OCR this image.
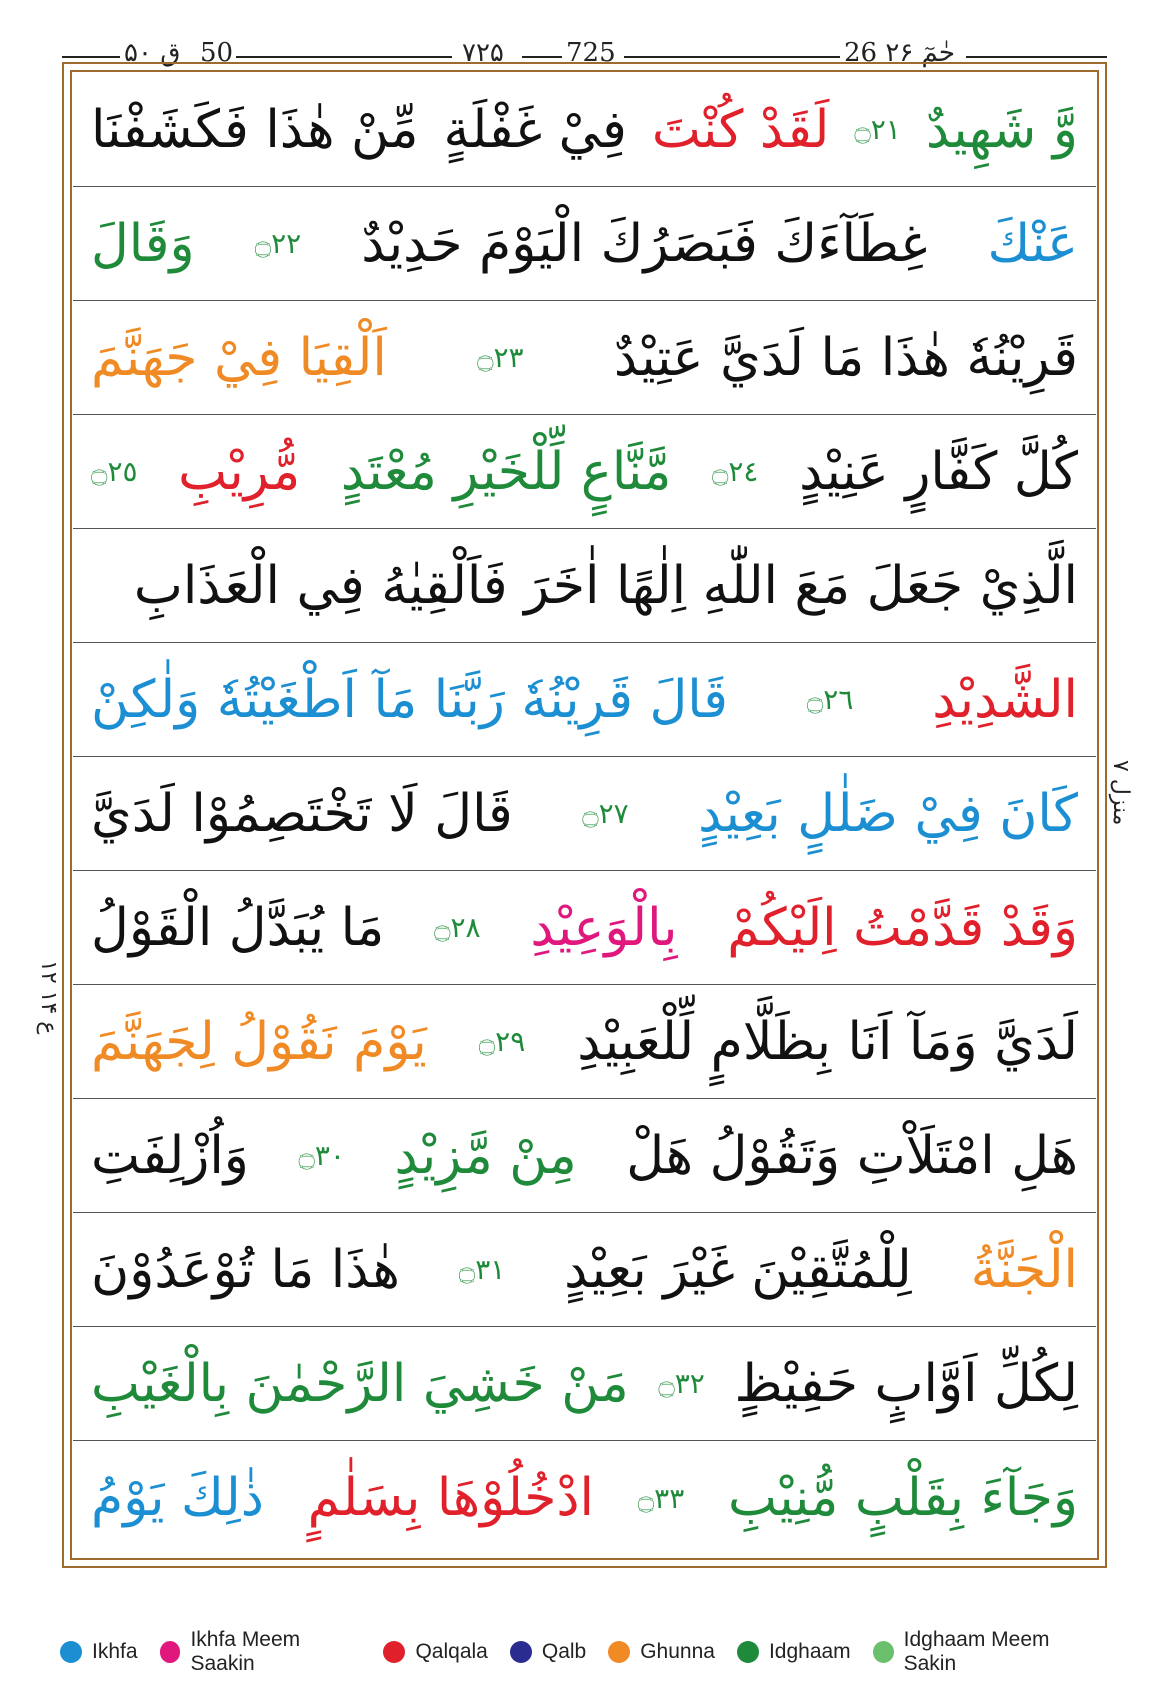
ق ۵۰ 50	۷۲۵ 725	26 حٰمٓ ۲۶
وَّ شَهِيدٌ
۝٢١
لَقَدْ كُنْتَ
فِيْ غَفْلَةٍ
مِّنْ هٰذَا فَكَشَفْنَا
عَنْكَ
غِطَآءَكَ فَبَصَرُكَ الْيَوْمَ حَدِيْدٌ
۝٢٢
وَقَالَ
قَرِيْنُهٗ هٰذَا مَا لَدَيَّ عَتِيْدٌ
۝٢٣
اَلْقِيَا فِيْ جَهَنَّمَ
كُلَّ كَفَّارٍ عَنِيْدٍ
۝٢٤
مَّنَّاعٍ لِّلْخَيْرِ مُعْتَدٍ
مُّرِيْبِ
۝٢٥
الَّذِيْ جَعَلَ مَعَ اللّٰهِ اِلٰهًا اٰخَرَ فَاَلْقِيٰهُ فِي الْعَذَابِ
الشَّدِيْدِ
۝٢٦
قَالَ قَرِيْنُهٗ رَبَّنَا مَآ اَطْغَيْتُهٗ وَلٰكِنْ
كَانَ فِيْ ضَلٰلٍ بَعِيْدٍ
۝٢٧
قَالَ لَا تَخْتَصِمُوْا لَدَيَّ
وَقَدْ قَدَّمْتُ اِلَيْكُمْ
بِالْوَعِيْدِ
۝٢٨
مَا يُبَدَّلُ الْقَوْلُ
لَدَيَّ وَمَآ اَنَا بِظَلَّامٍ لِّلْعَبِيْدِ
۝٢٩
يَوْمَ نَقُوْلُ لِجَهَنَّمَ
هَلِ امْتَلَاْتِ وَتَقُوْلُ هَلْ
مِنْ مَّزِيْدٍ
۝٣٠
وَاُزْلِفَتِ
الْجَنَّةُ
لِلْمُتَّقِيْنَ غَيْرَ بَعِيْدٍ
۝٣١
هٰذَا مَا تُوْعَدُوْنَ
لِكُلِّ اَوَّابٍ حَفِيْظٍ
۝٣٢
مَنْ خَشِيَ الرَّحْمٰنَ بِالْغَيْبِ
وَجَآءَ بِقَلْبٍ مُّنِيْبِ
۝٣٣
ادْخُلُوْهَا بِسَلٰمٍ
ذٰلِكَ يَوْمُ
منزل ۷
ع ۱۴ ۱۲
Ikhfa
Ikhfa Meem Saakin
Qalqala	Qalb	Ghunna	Idghaam
Idghaam Meem Sakin
